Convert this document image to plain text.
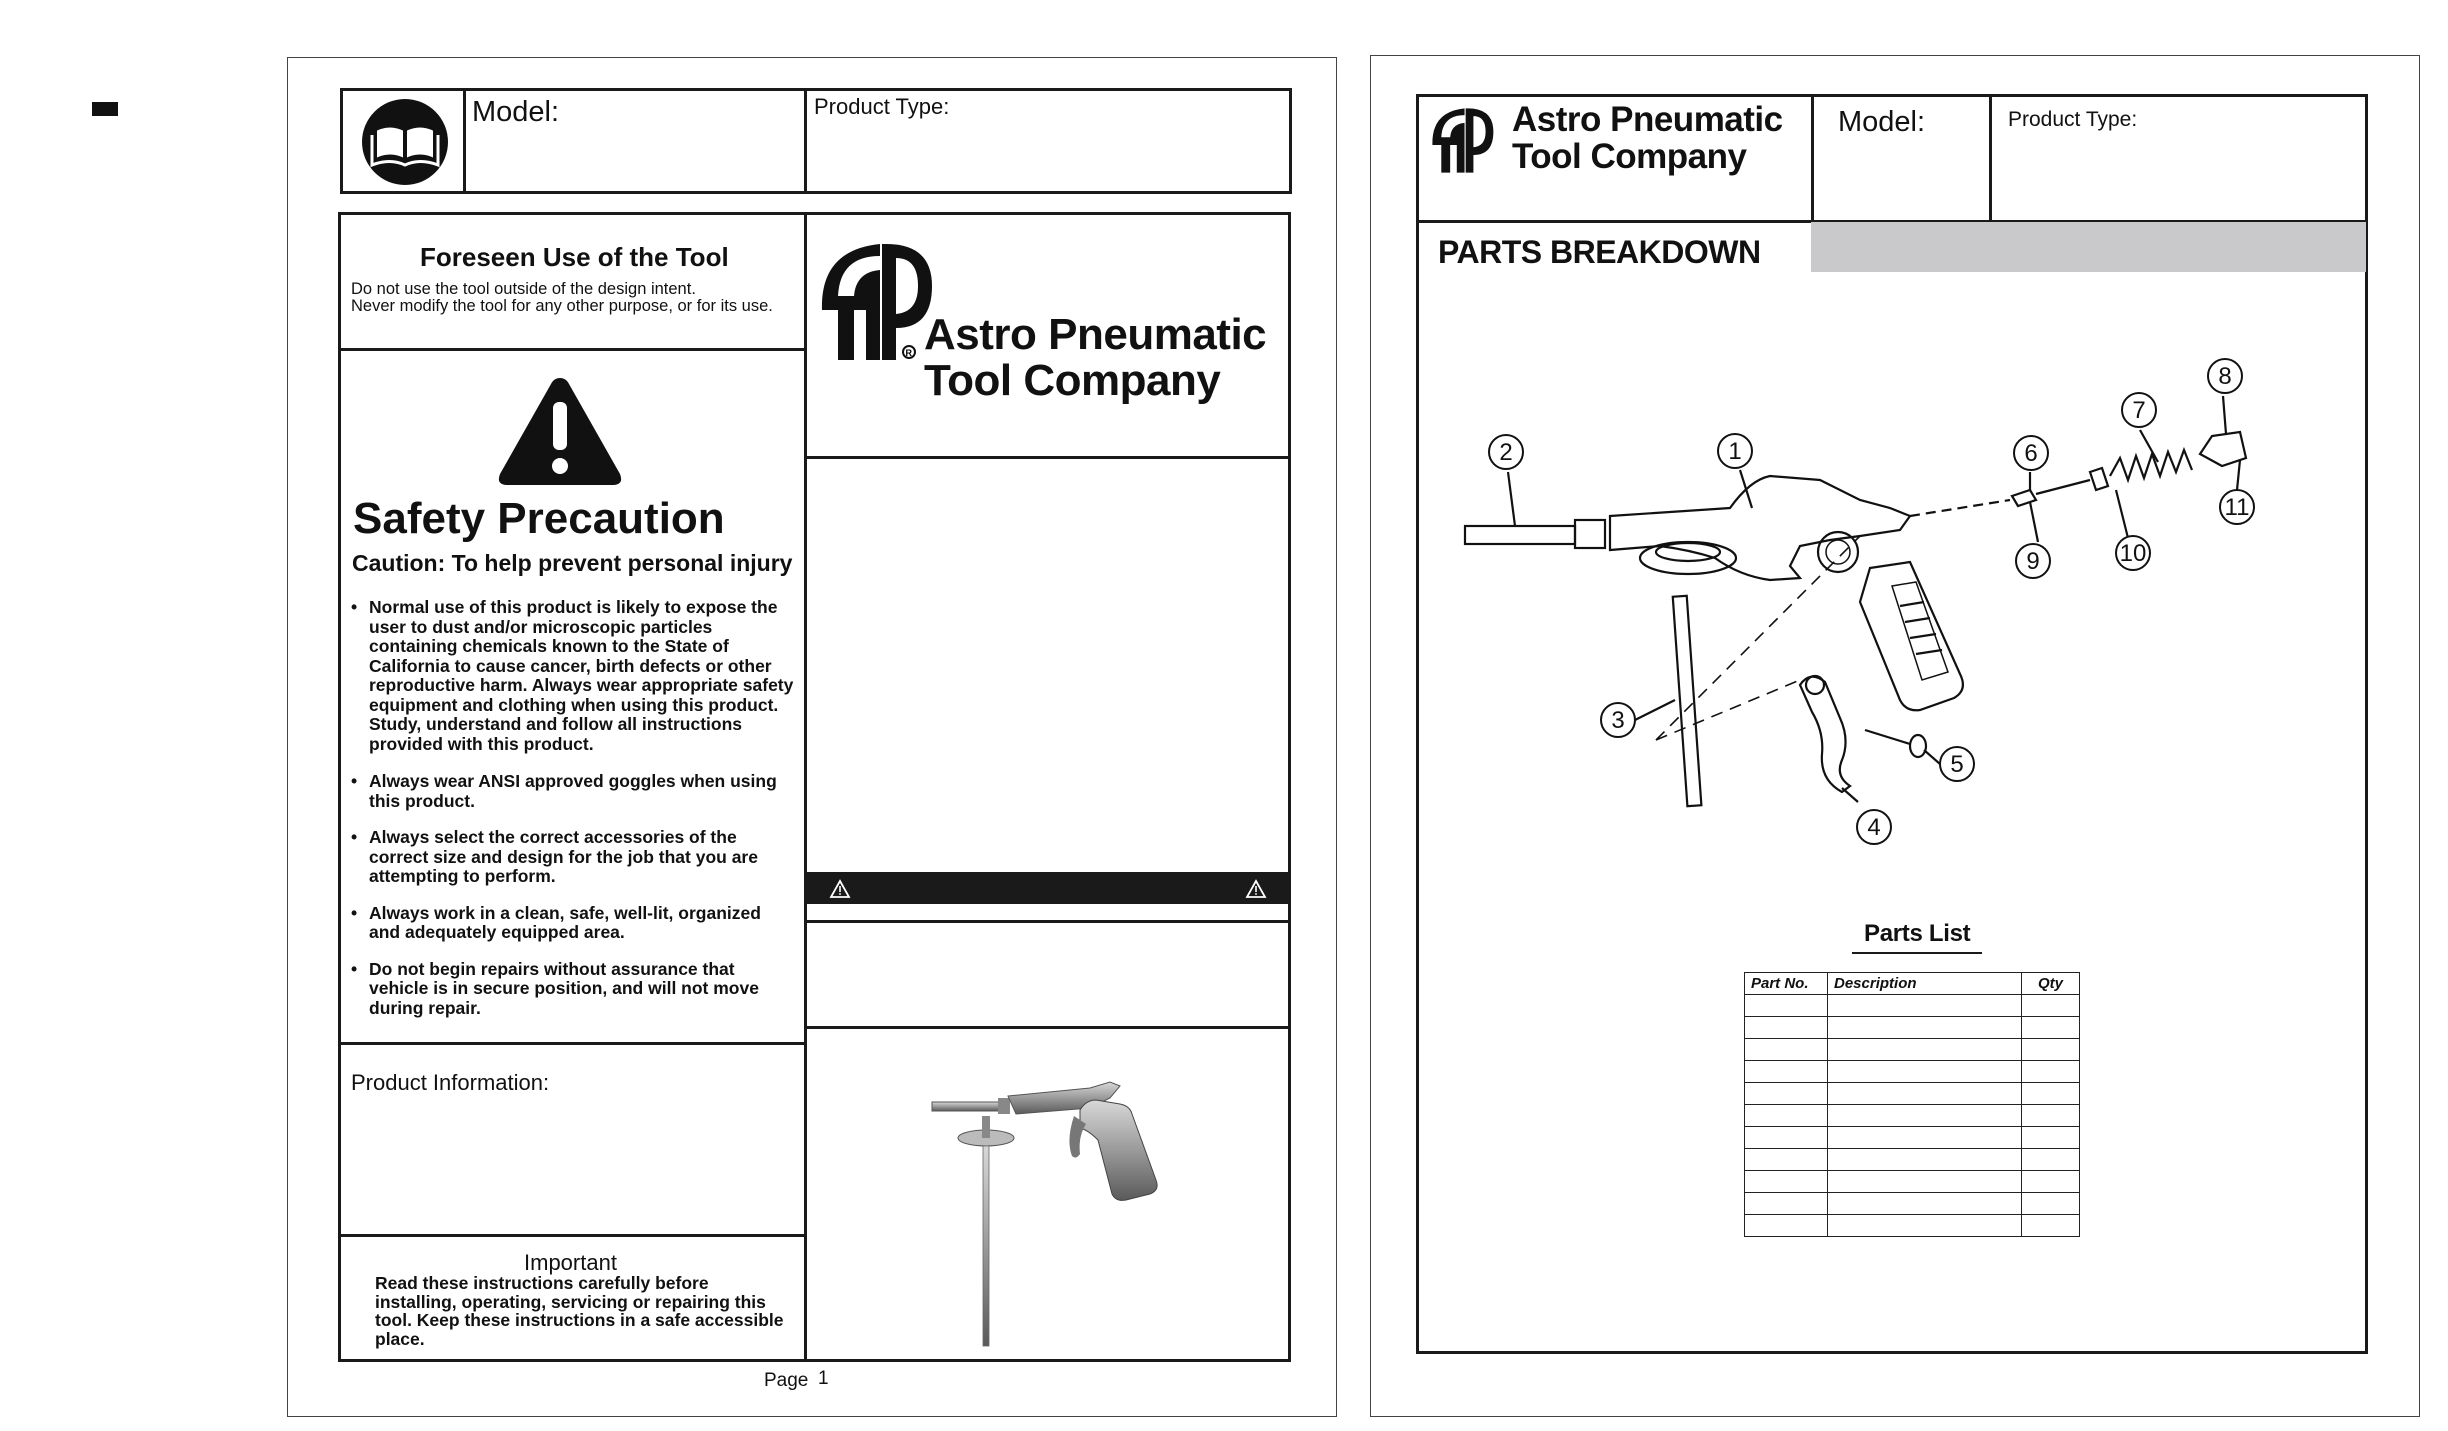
Model:	Product Type:
Foreseen Use of the Tool
Do not use the tool outside of the design intent.
Never modify the tool for any other purpose, or for its use.
Safety Precaution
Caution: To help prevent personal injury
• Normal use of this product is likely to expose the user to dust and/or microscopic particles containing chemicals known to the State of California to cause cancer, birth defects or other reproductive harm. Always wear appropriate safety equipment and clothing when using this product. Study, understand and follow all instructions provided with this product.
• Always wear ANSI approved goggles when using this product.
• Always select the correct accessories of the correct size and design for the job that you are attempting to perform.
• Always work in a clean, safe, well-lit, organized and adequately equipped area.
• Do not begin repairs without assurance that vehicle is in secure position, and will not move during repair.
Product Information:
Important
Read these instructions carefully before installing, operating, servicing or repairing this tool. Keep these instructions in a safe accessible place.
R Astro Pneumatic
Tool Company
Page 1
Astro Pneumatic
Tool Company
Model:	Product Type:
PARTS BREAKDOWN
2	1
3
4
5
6
7
8
9	10
11
Parts List
Part No.	Description	Qty
